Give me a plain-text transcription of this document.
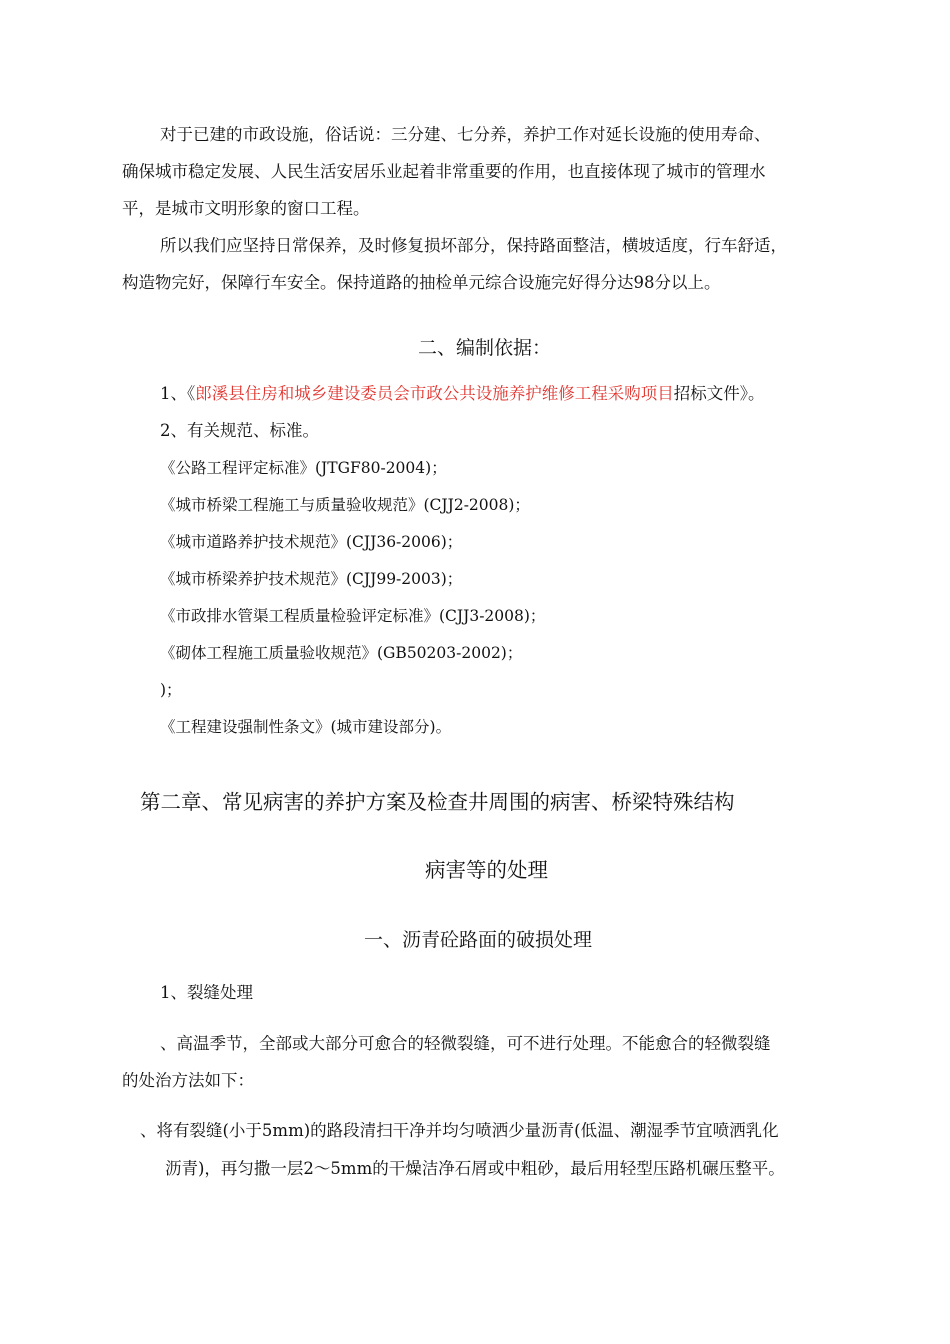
对于已建的市政设施，俗话说：三分建、七分养，养护工作对延长设施的使用寿命、
确保城市稳定发展、人民生活安居乐业起着非常重要的作用，也直接体现了城市的管理水
平，是城市文明形象的窗口工程。
所以我们应坚持日常保养，及时修复损坏部分，保持路面整洁，横坡适度，行车舒适，
构造物完好，保障行车安全。保持道路的抽检单元综合设施完好得分达98分以上。
二、编制依据：
1、《郎溪县住房和城乡建设委员会市政公共设施养护维修工程采购项目招标文件》。
2、有关规范、标准。
《公路工程评定标准》(JTGF80-2004)；
《城市桥梁工程施工与质量验收规范》(CJJ2-2008)；
《城市道路养护技术规范》(CJJ36-2006)；
《城市桥梁养护技术规范》(CJJ99-2003)；
《市政排水管渠工程质量检验评定标准》(CJJ3-2008)；
《砌体工程施工质量验收规范》(GB50203-2002)；
)；
《工程建设强制性条文》(城市建设部分)。
第二章、常见病害的养护方案及检查井周围的病害、桥梁特殊结构
病害等的处理
一、沥青砼路面的破损处理
1、裂缝处理
、高温季节，全部或大部分可愈合的轻微裂缝，可不进行处理。不能愈合的轻微裂缝
的处治方法如下：
、将有裂缝(小于5mm)的路段清扫干净并均匀喷洒少量沥青(低温、潮湿季节宜喷洒乳化
沥青)，再匀撒一层2～5mm的干燥洁净石屑或中粗砂，最后用轻型压路机碾压整平。
